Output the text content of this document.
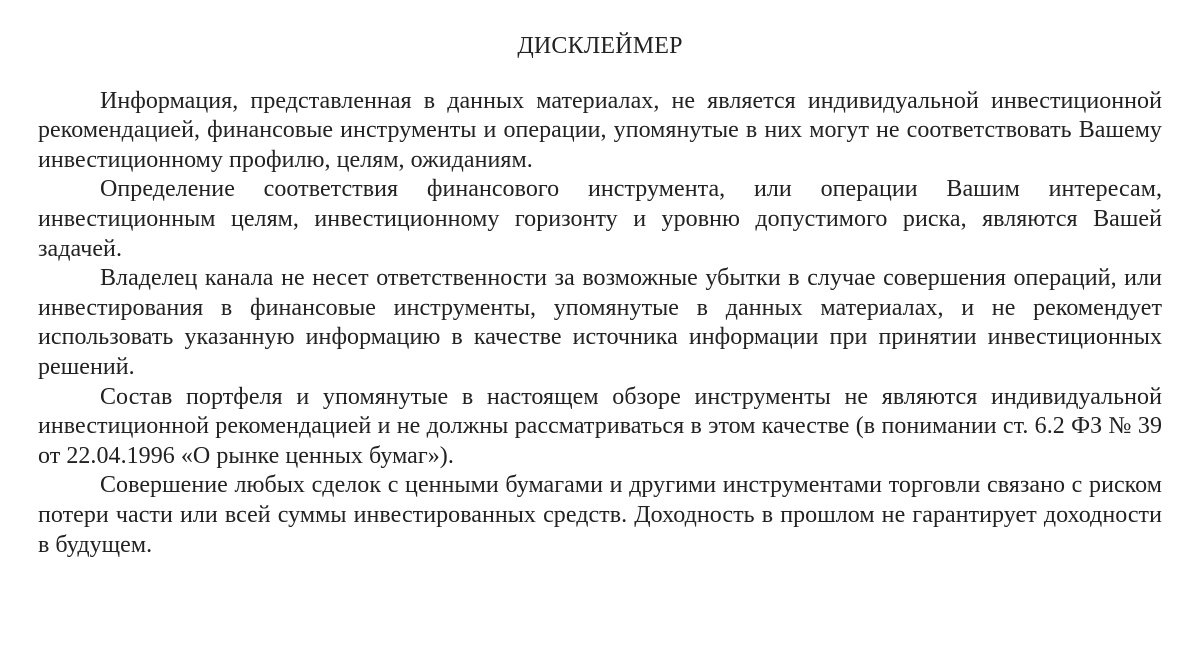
ДИСКЛЕЙМЕР

Информация, представленная в данных материалах, не является индивидуальной инвестиционной рекомендацией, финансовые инструменты и операции, упомянутые в них могут не соответствовать Вашему инвестиционному профилю, целям, ожиданиям.

Определение соответствия финансового инструмента, или операции Вашим интересам, инвестиционным целям, инвестиционному горизонту и уровню допустимого риска, являются Вашей задачей.

Владелец канала не несет ответственности за возможные убытки в случае совершения операций, или инвестирования в финансовые инструменты, упомянутые в данных материалах, и не рекомендует использовать указанную информацию в качестве источника информации при принятии инвестиционных решений.

Состав портфеля и упомянутые в настоящем обзоре инструменты не являются индивидуальной инвестиционной рекомендацией и не должны рассматриваться в этом качестве (в понимании ст. 6.2 ФЗ № 39 от 22.04.1996 «О рынке ценных бумаг»).

Совершение любых сделок с ценными бумагами и другими инструментами торговли связано с риском потери части или всей суммы инвестированных средств. Доходность в прошлом не гарантирует доходности в будущем.
